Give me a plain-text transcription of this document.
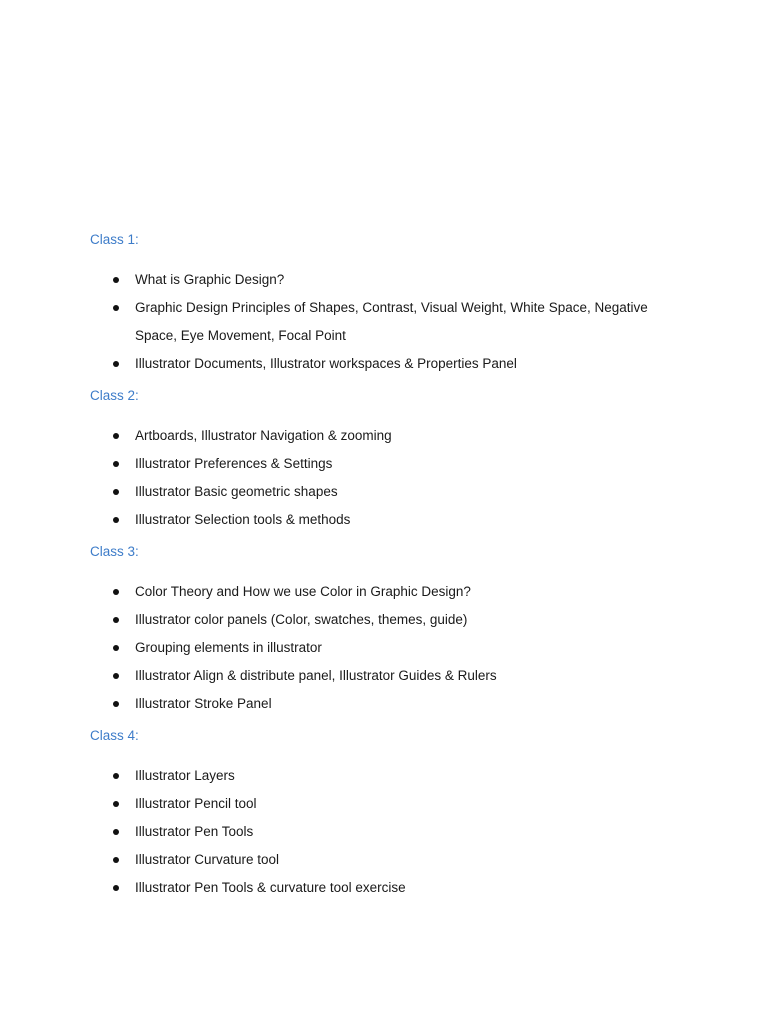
Class 1:

What is Graphic Design?
Graphic Design Principles of Shapes, Contrast, Visual Weight, White Space, Negative Space, Eye Movement, Focal Point
Illustrator Documents, Illustrator workspaces & Properties Panel

Class 2:

Artboards, Illustrator Navigation & zooming
Illustrator Preferences & Settings
Illustrator Basic geometric shapes
Illustrator Selection tools & methods

Class 3:

Color Theory and How we use Color in Graphic Design?
Illustrator color panels (Color, swatches, themes, guide)
Grouping elements in illustrator
Illustrator Align & distribute panel, Illustrator Guides & Rulers
Illustrator Stroke Panel

Class 4:

Illustrator Layers
Illustrator Pencil tool
Illustrator Pen Tools
Illustrator Curvature tool
Illustrator Pen Tools & curvature tool exercise
